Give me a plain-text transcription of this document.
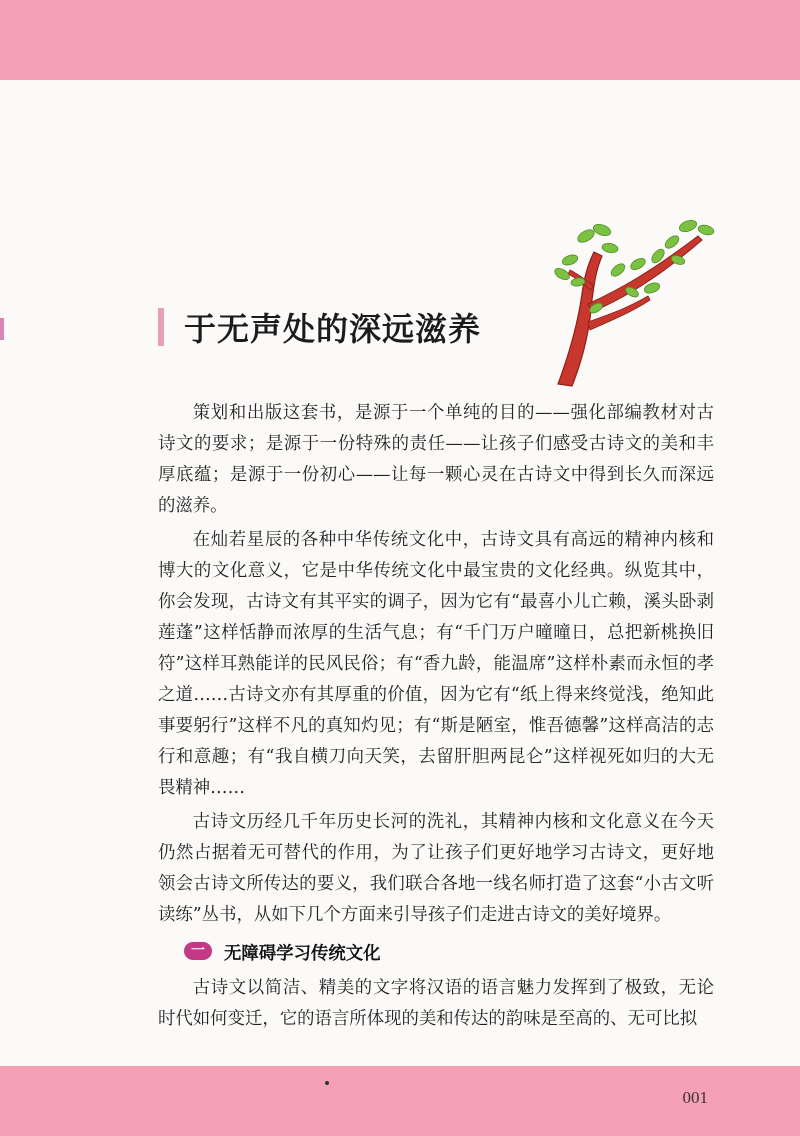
于无声处的深远滋养

策划和出版这套书，是源于一个单纯的目的——强化部编教材对古诗文的要求；是源于一份特殊的责任——让孩子们感受古诗文的美和丰厚底蕴；是源于一份初心——让每一颗心灵在古诗文中得到长久而深远的滋养。

在灿若星辰的各种中华传统文化中，古诗文具有高远的精神内核和博大的文化意义，它是中华传统文化中最宝贵的文化经典。纵览其中，你会发现，古诗文有其平实的调子，因为它有“最喜小儿亡赖，溪头卧剥莲蓬”这样恬静而浓厚的生活气息；有“千门万户曈曈日，总把新桃换旧符”这样耳熟能详的民风民俗；有“香九龄，能温席”这样朴素而永恒的孝之道……古诗文亦有其厚重的价值，因为它有“纸上得来终觉浅，绝知此事要躬行”这样不凡的真知灼见；有“斯是陋室，惟吾德馨”这样高洁的志行和意趣；有“我自横刀向天笑，去留肝胆两昆仑”这样视死如归的大无畏精神……

古诗文历经几千年历史长河的洗礼，其精神内核和文化意义在今天仍然占据着无可替代的作用，为了让孩子们更好地学习古诗文，更好地领会古诗文所传达的要义，我们联合各地一线名师打造了这套“小古文听读练”丛书，从如下几个方面来引导孩子们走进古诗文的美好境界。

一	无障碍学习传统文化

古诗文以简洁、精美的文字将汉语的语言魅力发挥到了极致，无论时代如何变迁，它的语言所体现的美和传达的韵味是至高的、无可比拟

001
